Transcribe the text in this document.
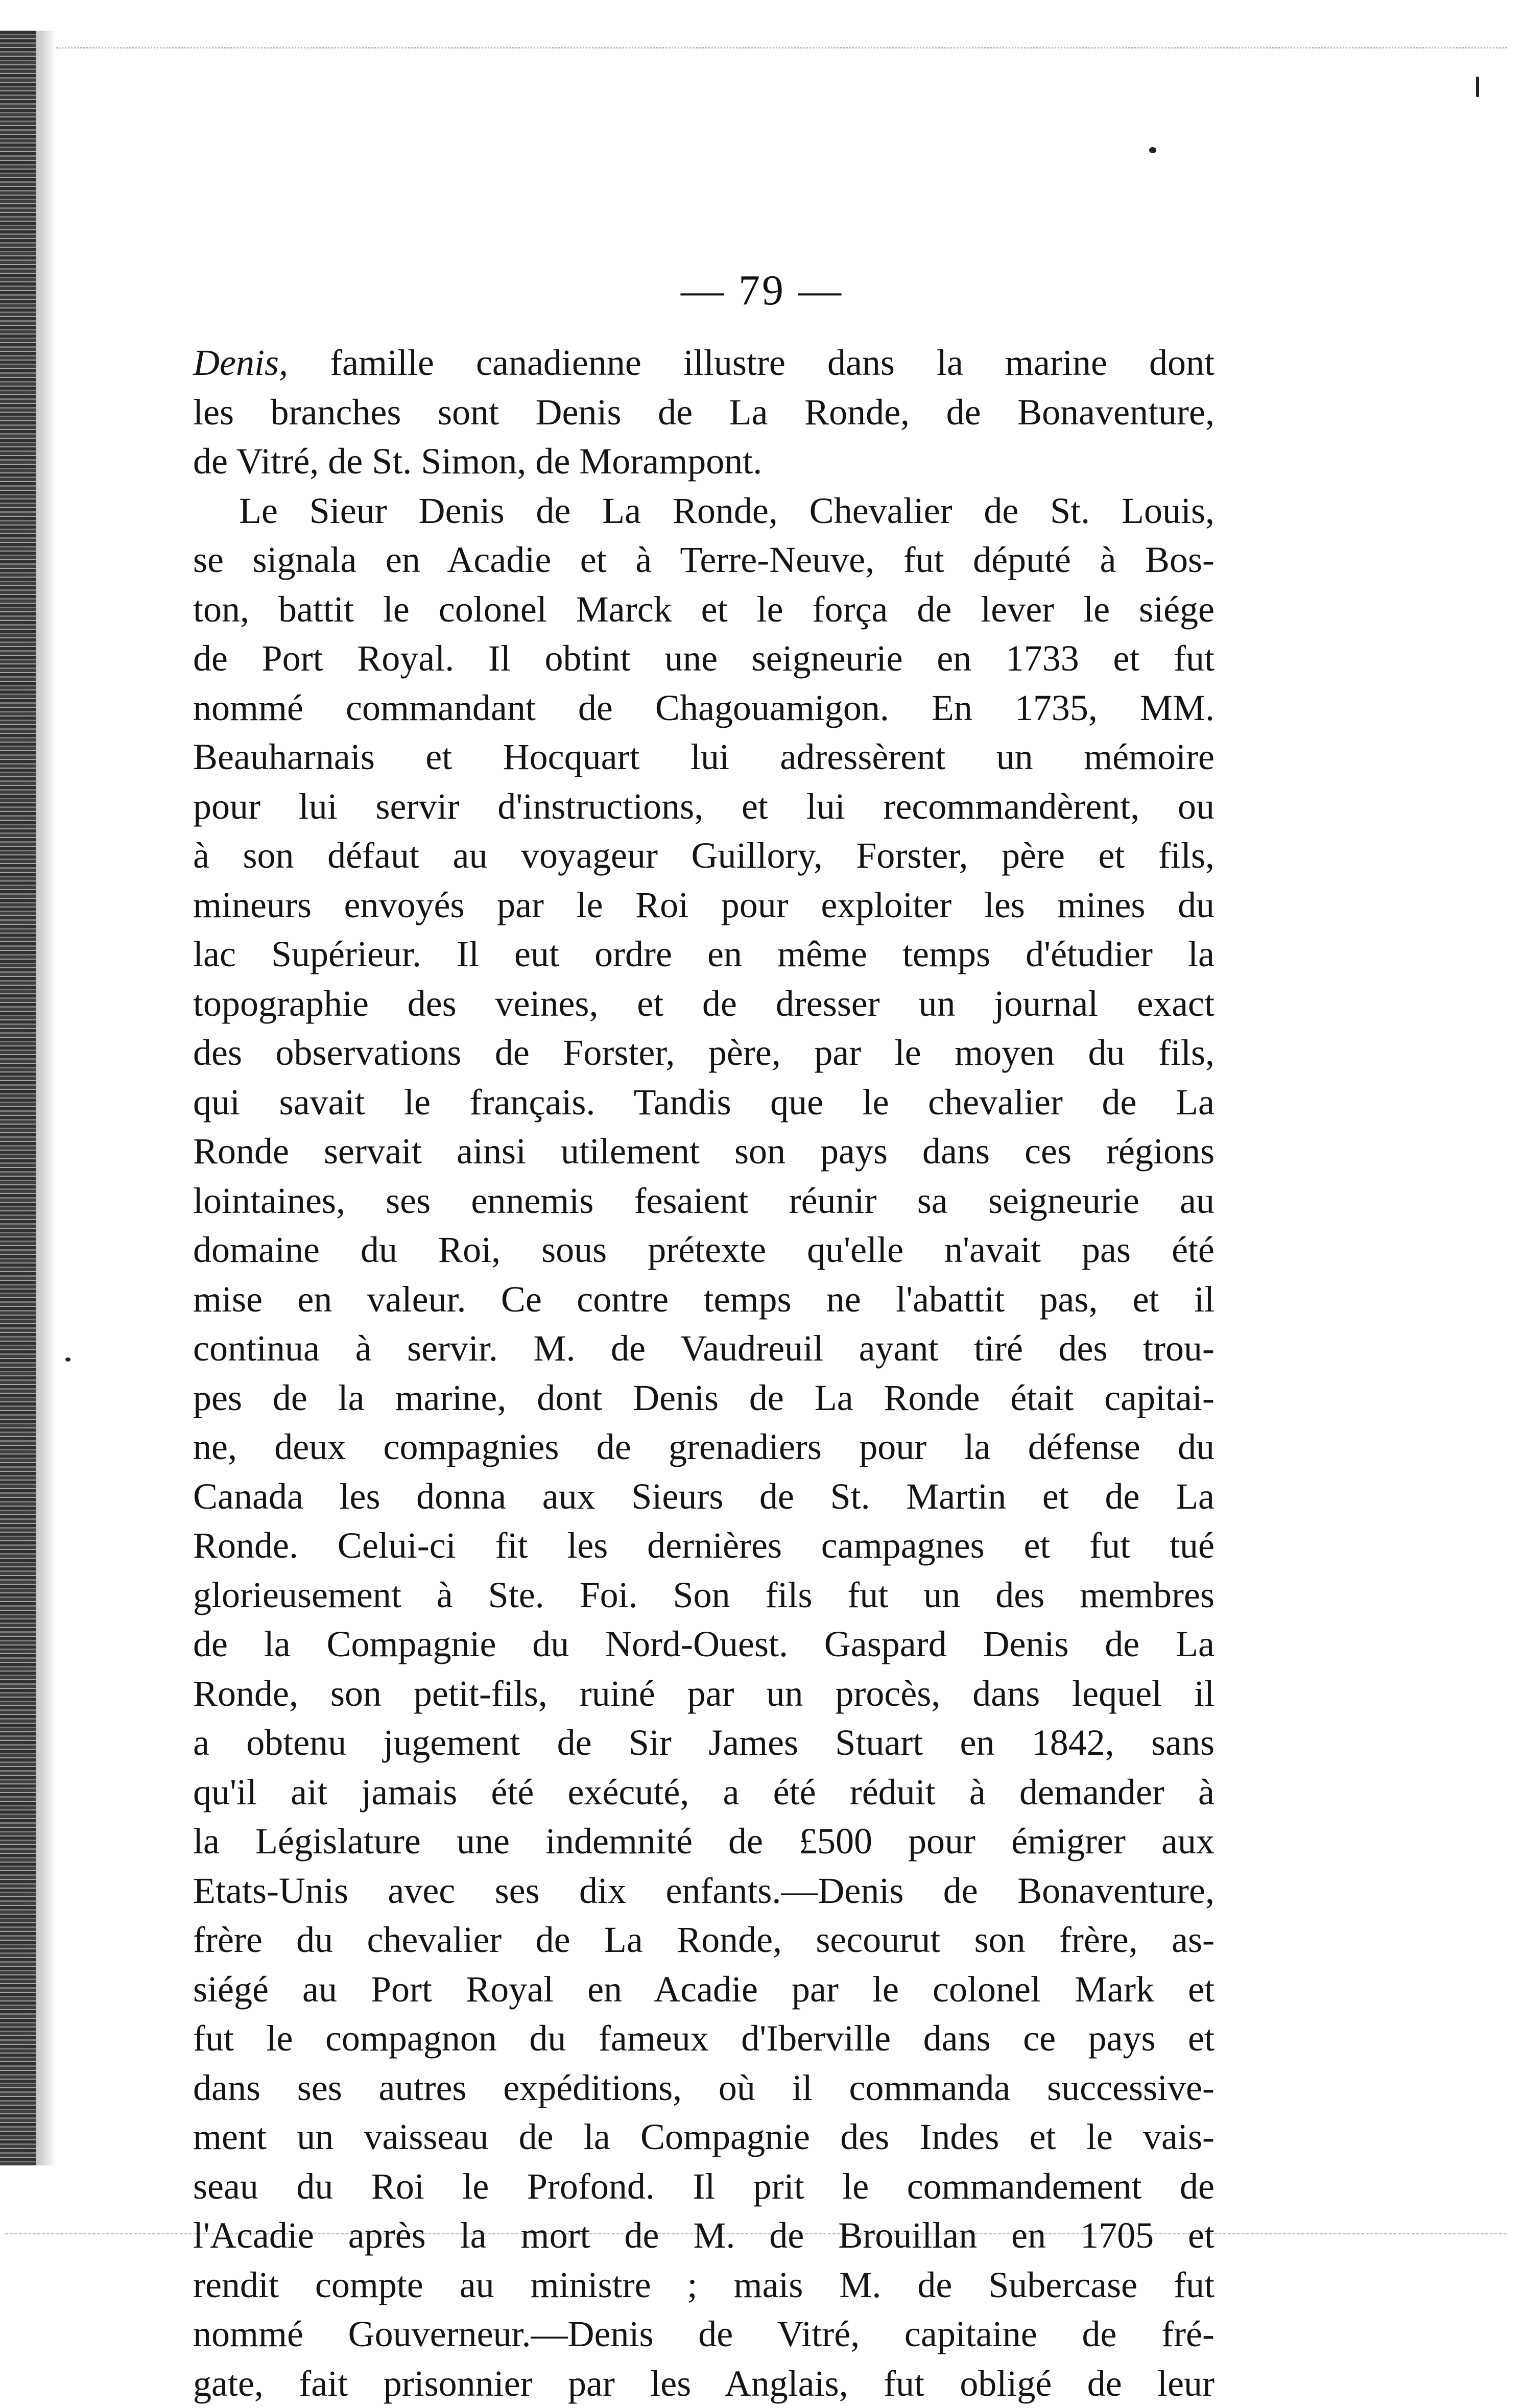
— 79 —
Denis, famille canadienne illustre dans la marine dont
les branches sont Denis de La Ronde, de Bonaventure,
de Vitré, de St. Simon, de Morampont.
Le Sieur Denis de La Ronde, Chevalier de St. Louis,
se signala en Acadie et à Terre-Neuve, fut député à Bos-
ton, battit le colonel Marck et le força de lever le siége
de Port Royal. Il obtint une seigneurie en 1733 et fut
nommé commandant de Chagouamigon. En 1735, MM.
Beauharnais et Hocquart lui adressèrent un mémoire
pour lui servir d'instructions, et lui recommandèrent, ou
à son défaut au voyageur Guillory, Forster, père et fils,
mineurs envoyés par le Roi pour exploiter les mines du
lac Supérieur. Il eut ordre en même temps d'étudier la
topographie des veines, et de dresser un journal exact
des observations de Forster, père, par le moyen du fils,
qui savait le français. Tandis que le chevalier de La
Ronde servait ainsi utilement son pays dans ces régions
lointaines, ses ennemis fesaient réunir sa seigneurie au
domaine du Roi, sous prétexte qu'elle n'avait pas été
mise en valeur. Ce contre temps ne l'abattit pas, et il
continua à servir. M. de Vaudreuil ayant tiré des trou-
pes de la marine, dont Denis de La Ronde était capitai-
ne, deux compagnies de grenadiers pour la défense du
Canada les donna aux Sieurs de St. Martin et de La
Ronde. Celui-ci fit les dernières campagnes et fut tué
glorieusement à Ste. Foi. Son fils fut un des membres
de la Compagnie du Nord-Ouest. Gaspard Denis de La
Ronde, son petit-fils, ruiné par un procès, dans lequel il
a obtenu jugement de Sir James Stuart en 1842, sans
qu'il ait jamais été exécuté, a été réduit à demander à
la Législature une indemnité de £500 pour émigrer aux
Etats-Unis avec ses dix enfants.—Denis de Bonaventure,
frère du chevalier de La Ronde, secourut son frère, as-
siégé au Port Royal en Acadie par le colonel Mark et
fut le compagnon du fameux d'Iberville dans ce pays et
dans ses autres expéditions, où il commanda successive-
ment un vaisseau de la Compagnie des Indes et le vais-
seau du Roi le Profond. Il prit le commandement de
l'Acadie après la mort de M. de Brouillan en 1705 et
rendit compte au ministre ; mais M. de Subercase fut
nommé Gouverneur.—Denis de Vitré, capitaine de fré-
gate, fait prisonnier par les Anglais, fut obligé de leur
